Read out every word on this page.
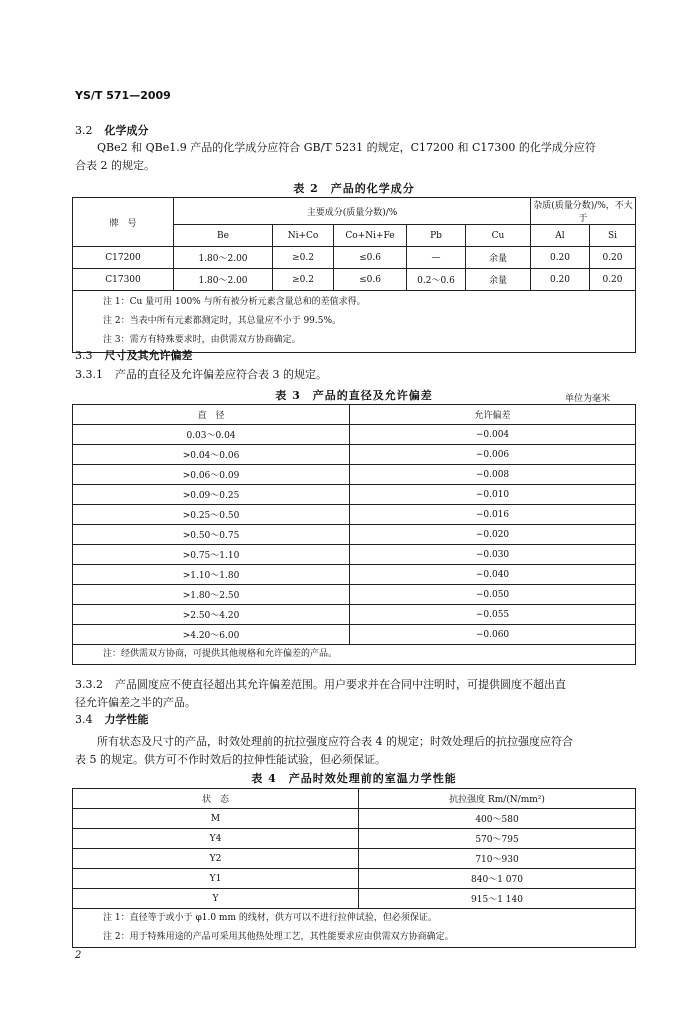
YS/T 571—2009
3.2 化学成分
QBe2 和 QBe1.9 产品的化学成分应符合 GB/T 5231 的规定，C17200 和 C17300 的化学成分应符
合表 2 的规定。
表 2　产品的化学成分
牌　号	主要成分(质量分数)/%					杂质(质量分数)/%，不大于	
	Be	Ni+Co	Co+Ni+Fe	Pb	Cu	Al	Si
C17200	1.80～2.00	≥0.2	≤0.6	—	余量	0.20	0.20
C17300	1.80～2.00	≥0.2	≤0.6	0.2～0.6	余量	0.20	0.20

注 1：Cu 量可用 100% 与所有被分析元素含量总和的差值求得。
注 2：当表中所有元素都测定时，其总量应不小于 99.5%。
注 3：需方有特殊要求时，由供需双方协商确定。							
3.3 尺寸及其允许偏差
3.3.1 产品的直径及允许偏差应符合表 3 的规定。
表 3　产品的直径及允许偏差	单位为毫米
直　径	允许偏差
0.03～0.04	−0.004
>0.04～0.06	−0.006
>0.06～0.09	−0.008
>0.09～0.25	−0.010
>0.25～0.50	−0.016
>0.50～0.75	−0.020
>0.75～1.10	−0.030
>1.10～1.80	−0.040
>1.80～2.50	−0.050
>2.50～4.20	−0.055
>4.20～6.00	−0.060

注：经供需双方协商，可提供其他规格和允许偏差的产品。	
3.3.2 产品圆度应不使直径超出其允许偏差范围。用户要求并在合同中注明时，可提供圆度不超出直
径允许偏差之半的产品。
3.4 力学性能
所有状态及尺寸的产品，时效处理前的抗拉强度应符合表 4 的规定；时效处理后的抗拉强度应符合
表 5 的规定。供方可不作时效后的拉伸性能试验，但必须保证。
表 4　产品时效处理前的室温力学性能
状　态	抗拉强度 Rm/(N/mm²)
M	400～580
Y4	570～795
Y2	710～930
Y1	840～1 070
Y	915～1 140

注 1：直径等于或小于 φ1.0 mm 的线材，供方可以不进行拉伸试验，但必须保证。
注 2：用于特殊用途的产品可采用其他热处理工艺，其性能要求应由供需双方协商确定。	
2
